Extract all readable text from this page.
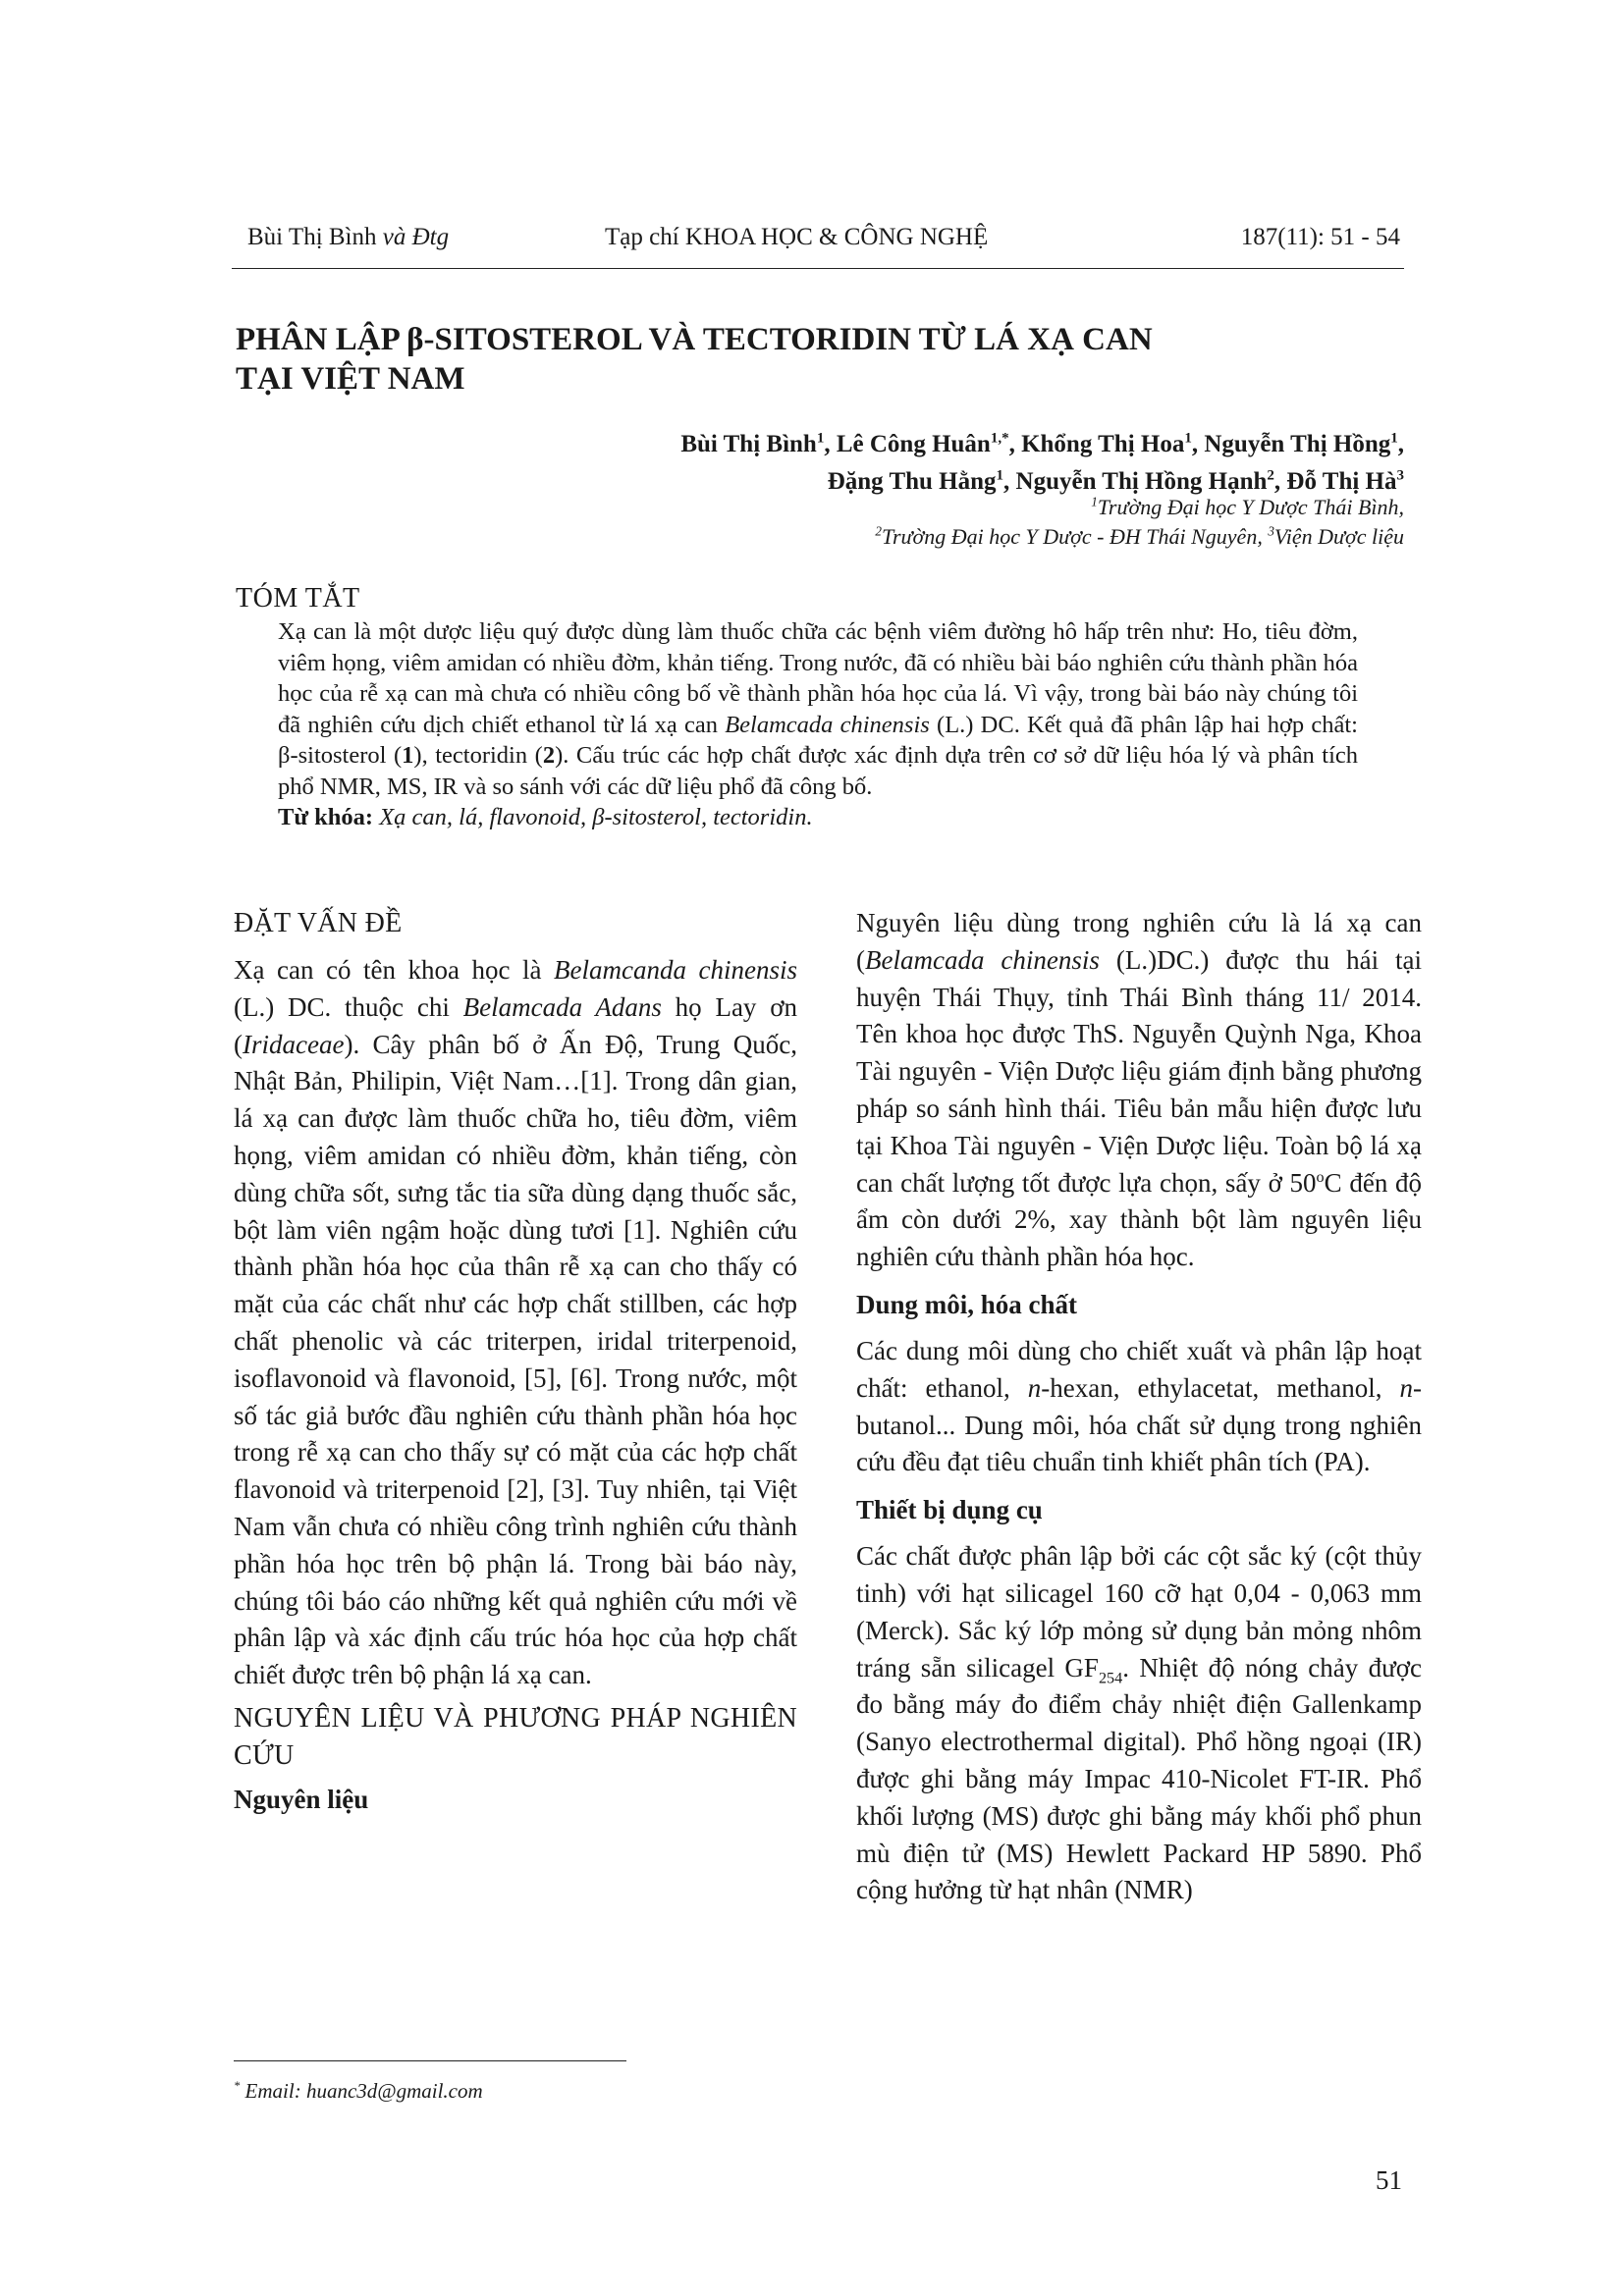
Bùi Thị Bình và Đtg	Tạp chí KHOA HỌC & CÔNG NGHỆ	187(11): 51 - 54
PHÂN LẬP β-SITOSTEROL VÀ TECTORIDIN TỪ LÁ XẠ CAN
TẠI VIỆT NAM
Bùi Thị Bình$^1$, Lê Công Huân$^{1,*}$, Khổng Thị Hoa$^1$, Nguyễn Thị Hồng$^1$,
Đặng Thu Hằng$^1$, Nguyễn Thị Hồng Hạnh$^2$, Đỗ Thị $Hà^3$
$^1$Trường Đại học Y Dược Thái Bình,
$^2$Trường Đại học Y Dược - ĐH Thái Nguyên, $^3$Viện Dược liệu
TÓM TẮT
Xạ can là một dược liệu quý được dùng làm thuốc chữa các bệnh viêm đường hô hấp trên như: Ho, tiêu đờm, viêm họng, viêm amidan có nhiều đờm, khản tiếng. Trong nước, đã có nhiều bài báo nghiên cứu thành phần hóa học của rễ xạ can mà chưa có nhiều công bố về thành phần hóa học của lá. Vì vậy, trong bài báo này chúng tôi đã nghiên cứu dịch chiết ethanol từ lá xạ can Belamcada chinensis (L.) DC. Kết quả đã phân lập hai hợp chất: β-sitosterol (1), tectoridin (2). Cấu trúc các hợp chất được xác định dựa trên cơ sở dữ liệu hóa lý và phân tích phổ NMR, MS, IR và so sánh với các dữ liệu phổ đã công bố.
Từ khóa: Xạ can, lá, flavonoid, β-sitosterol, tectoridin.
ĐẶT VẤN ĐỀ

Xạ can có tên khoa học là Belamcanda chinensis (L.) DC. thuộc chi Belamcada Adans họ Lay ơn (Iridaceae). Cây phân bố ở Ấn Độ, Trung Quốc, Nhật Bản, Philipin, Việt Nam…[1]. Trong dân gian, lá xạ can được làm thuốc chữa ho, tiêu đờm, viêm họng, viêm amidan có nhiều đờm, khản tiếng, còn dùng chữa sốt, sưng tắc tia sữa dùng dạng thuốc sắc, bột làm viên ngậm hoặc dùng tươi [1]. Nghiên cứu thành phần hóa học của thân rễ xạ can cho thấy có mặt của các chất như các hợp chất stillben, các hợp chất phenolic và các triterpen, iridal triterpenoid, isoflavonoid và flavonoid, [5], [6]. Trong nước, một số tác giả bước đầu nghiên cứu thành phần hóa học trong rễ xạ can cho thấy sự có mặt của các hợp chất flavonoid và triterpenoid [2], [3]. Tuy nhiên, tại Việt Nam vẫn chưa có nhiều công trình nghiên cứu thành phần hóa học trên bộ phận lá. Trong bài báo này, chúng tôi báo cáo những kết quả nghiên cứu mới về phân lập và xác định cấu trúc hóa học của hợp chất chiết được trên bộ phận lá xạ can.

NGUYÊN LIỆU VÀ PHƯƠNG PHÁP NGHIÊN CỨU
Nguyên liệu

Nguyên liệu dùng trong nghiên cứu là lá xạ can (Belamcada chinensis (L.)DC.) được thu hái tại huyện Thái Thụy, tỉnh Thái Bình tháng 11/ 2014. Tên khoa học được ThS. Nguyễn Quỳnh Nga, Khoa Tài nguyên - Viện Dược liệu giám định bằng phương pháp so sánh hình thái. Tiêu bản mẫu hiện được lưu tại Khoa Tài nguyên - Viện Dược liệu. Toàn bộ lá xạ can chất lượng tốt được lựa chọn, sấy ở 50$^o$C đến độ ẩm còn dưới 2%, xay thành bột làm nguyên liệu nghiên cứu thành phần hóa học.

Dung môi, hóa chất

Các dung môi dùng cho chiết xuất và phân lập hoạt chất: ethanol, n-hexan, ethylacetat, methanol, n-butanol... Dung môi, hóa chất sử dụng trong nghiên cứu đều đạt tiêu chuẩn tinh khiết phân tích (PA).

Thiết bị dụng cụ

Các chất được phân lập bởi các cột sắc ký (cột thủy tinh) với hạt silicagel 160 cỡ hạt 0,04 - 0,063 mm (Merck). Sắc ký lớp mỏng sử dụng bản mỏng nhôm tráng sẵn silicagel $GF_{254}$. Nhiệt độ nóng chảy được đo bằng máy đo điểm chảy nhiệt điện Gallenkamp (Sanyo electrothermal digital). Phổ hồng ngoại (IR) được ghi bằng máy Impac 410-Nicolet FT-IR. Phổ khối lượng (MS) được ghi bằng máy khối phổ phun mù điện tử (MS) Hewlett Packard HP 5890. Phổ cộng hưởng từ hạt nhân (NMR)

* Email: huanc3d@gmail.com
51
